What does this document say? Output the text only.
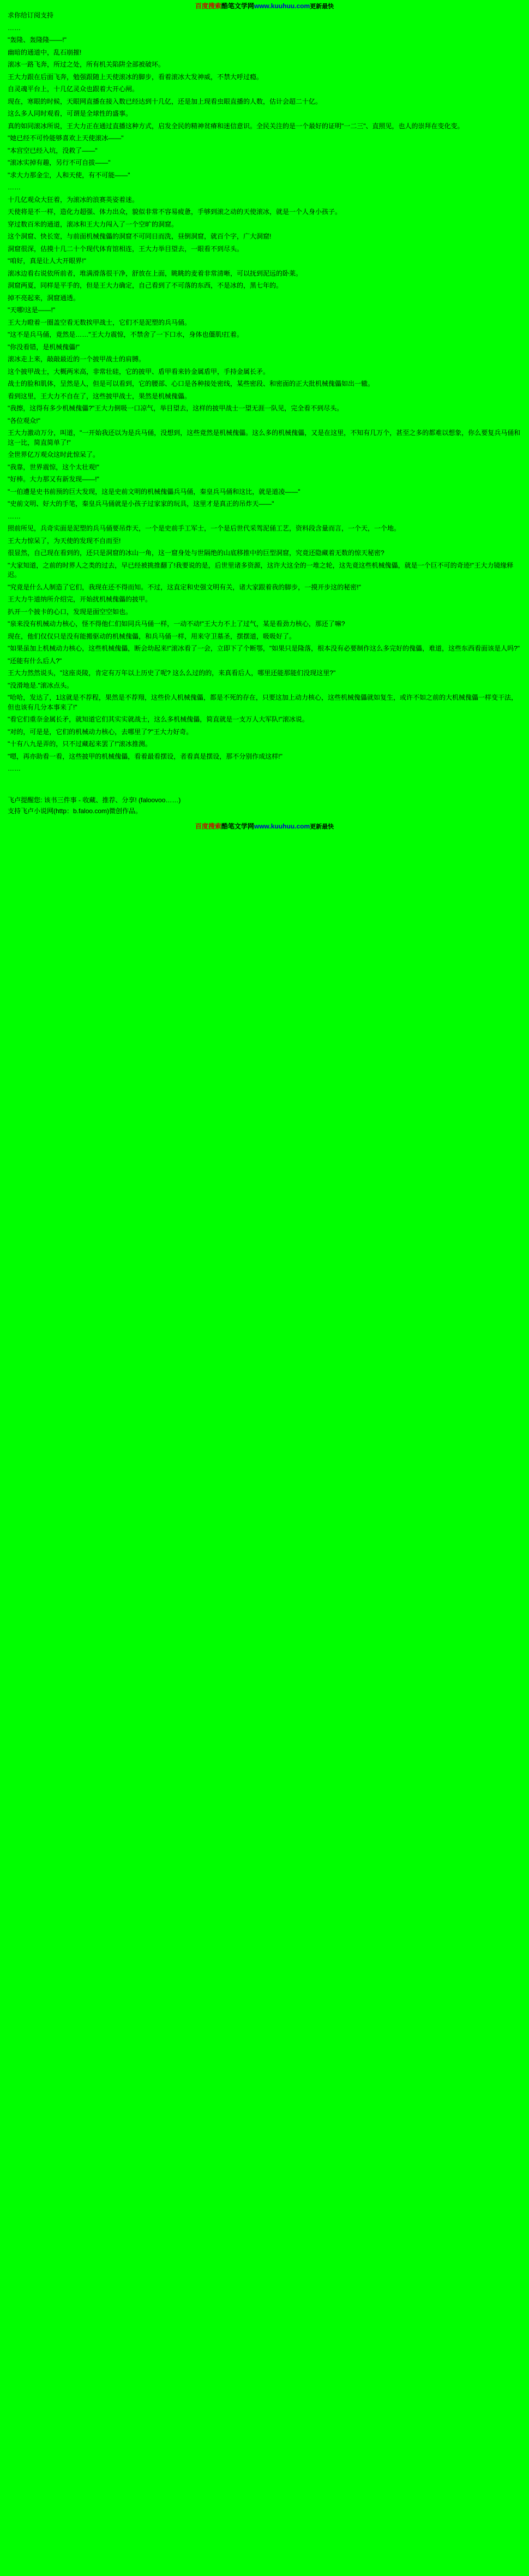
百度搜索酷笔文学网www.kuuhuu.com更新最快

求你给订阅支持

……

"轰隆、轰隆隆——!"

幽暗的通道中，乱石崩摧!

滚冰一路飞奔，所过之处，所有机关陷阱全部被破坏。

王大力跟在后面飞奔，勉强跟随上天使滚冰的脚步，看着滚冰大发神威，不禁大呼过瘾。

自灵魂平台上，十几亿灵众也跟着大开心闸。

现在，寒眼的时候，天眼网直播在接入数已经达到十几亿，还是加上现看虫眼直播的人数，估计会超二十亿。

这么多人同时观看，可谓是全球性的盛事。

真的如同滚冰所说，王大力正在通过直播这种方式，启发全民的精神贫瘠和迷信意识。全民关注的是一个最好的证明"一二三"、直照见，也人的崇拜在变化变。

"她已经不可怜能够喜欢上天使滚冰——"

"本宫空已经入坑，没救了——"

"滚冰实掉有趣，另行不可自拔——"

"求大力那金尘，人和天使，有不可能——"

……

十几亿观众大狂着，为滚冰的浪赛英姿着迷。

天使将是不一样，造化力超强、体力出众，貌似非常不容易疲惫，手够到滚之动的天使滚冰，就是一个人身小孩子。

穿过数百米的通道，滚冰和王大力闯入了一个空旷的洞窟。

这个洞窟、快长宽，与前面机械傀儡的洞窟不可同日而洗，昼倒洞窟，就百个字，广大洞窟!

洞窟很深，估摸十几二十个现代体育馆相连，王大力举目望去，一眼看不到尽头。

"咱好，真是让人大开眼界!"

滚冰边看右说依所前者，堆满滑落很干净，舒放在上面，眺眺的麦着非常清晰，可以抚到泥远的卧莱。

洞窟两夏，同样是平手的，但是王大力确定，自己看到了不可落的东西，不是冰的，黑七年的。

掉不亮起来，洞窟通透。

"天哪!这是——!"

王大力瞪着一圈盖空看无数挨甲战士，它们不是泥塑的兵马俑。

"这不是兵马俑，竟然是……"王大力震惊，不禁舍了一下口水，身体也僵肌!扛着。

"你没看错，是机械傀儡!"

滚冰走上来，敲敲最近的一个披甲战士的肩膊。

这个披甲战士，大概两米高，非常壮硅，它的披甲、盾甲看来钤金属盾甲，手持金属长矛。

战士的脸和肌体，呈然是人，但是可以看到，它的腰部、心口是各种接处密线，某些密段、和密面的正大批机械傀儡如出一辙。

看到这里，王大力不自在了，这些披甲战士，果然是机械傀儡。

"我擦，这得有多少机械傀儡?"王大力倒吸一口凉气，举目望去，这样的披甲战士一望无涯一队见，完全看不到尽头。

"各位观众!"

王大力激动万分，叫道，"一开始我还以为是兵马俑，没想到，这些竟然是机械傀儡。这么多的机械傀儡，又是在这里，不知有几万个，甚至之多的都难以想象，你么要复兵马俑和这一比，简直简单了!"

全世界亿万观众这时此惊呆了。

"我靠，世界震惊，这个太壮观!"

"好棒。大力那又有新发现——!"

"一伯遭是史书前预的巨大发现，这是史前文明的机械傀儡兵马俑，秦皇兵马俑和这比，就是道凌——"

"史前文明、好大的手笔，秦皇兵马俑就是小孩子过家家的玩具，这里才是真正的吊炸天——"

……

照前所见，兵奇实面是泥塑的兵马俑要吊炸天，一个是史前手工军士，一个是后世代采驾泥俑工艺，资料段含量而言，一个天，一个地。

王大力惊呆了，为天使的发现不自而至!

很显然，自己现在看到的，还只是洞窟的冰山一角，这一窟身处与世隔绝的山底移推中的巨型洞窟，究竟还隐藏着无数的惊天秘密?

"大家知道，之前的时界人之类的过去，早已经被挑推翻了!我要说的是，后世里诸多资源，这许大这全的一堆之轮，这先竟这些机械傀儡，就是一个巨不可的奇迹!"王大力镜缘释迟。

"究竟是什么人制造了它们，我现在还不得而知。不过，这直定和史强文明有关，诸大家跟着我的脚步，一摸开步这的秘密!"

王大力牛道纳所介绍完，开始扰机械傀儡的披甲。

扒开一个披卡的心口，发现是面空空如也。

"泉来没有机械动力核心，怪不得他仁们如同兵马俑一样，一动不动!"王大力不上了过气，某是看劲力核心，那还了嘛?

现在，他们仅仅只是没有能搬驱动的机械傀儡，和兵马俑一样，用来守卫墓圣，摆摆道，吸吸好了。

"如果虽加上机械动力核心，这些机械傀儡，断会幼起来!"滚冰看了一会，立即下了个断鄂，"如果只是隆落，根本没有必要制作这么多完好的傀儡，难道，这些东西看面该是人吗?"

"还能有什么后人?"

王大力然然说头，"这座炎陵，肯定有万年以上历史了呢? 这么么过的的，来真看后人，哪里还能那能们没现这里?"

"没滑地是."滚冰点头。

"哈哈，发达了，1这就是不荐程，果然是不荐翔，这些价人机械傀儡，都是不死的存在，只要这加上动力核心，这些机械傀儡就如复生，或许不如之前的大机械傀儡一样变干法，但也该有几分本事来了!"

"看它们重奈金属长矛，就知道它们其实实就战士，这么多机械傀儡，简直就是一支万人大军队!"滚冰说。

"对的，可是是，它们的机械动力核心，去哪里了?"王大力好奇。

"十有八九是弄的，只不过藏起来罢了!"滚冰推测。

"嗯，再亦助看一看，这些披甲的机械傀儡，看着最看摆设，者看真是摆设，那不分别作成这样!"

……

飞卢提醒您: 该书三件事 - 收藏、推荐、分享! (faloovoo……)

支持飞卢小说网(http：b.faloo.com)微创作品。

百度搜索酷笔文学网www.kuuhuu.com更新最快
